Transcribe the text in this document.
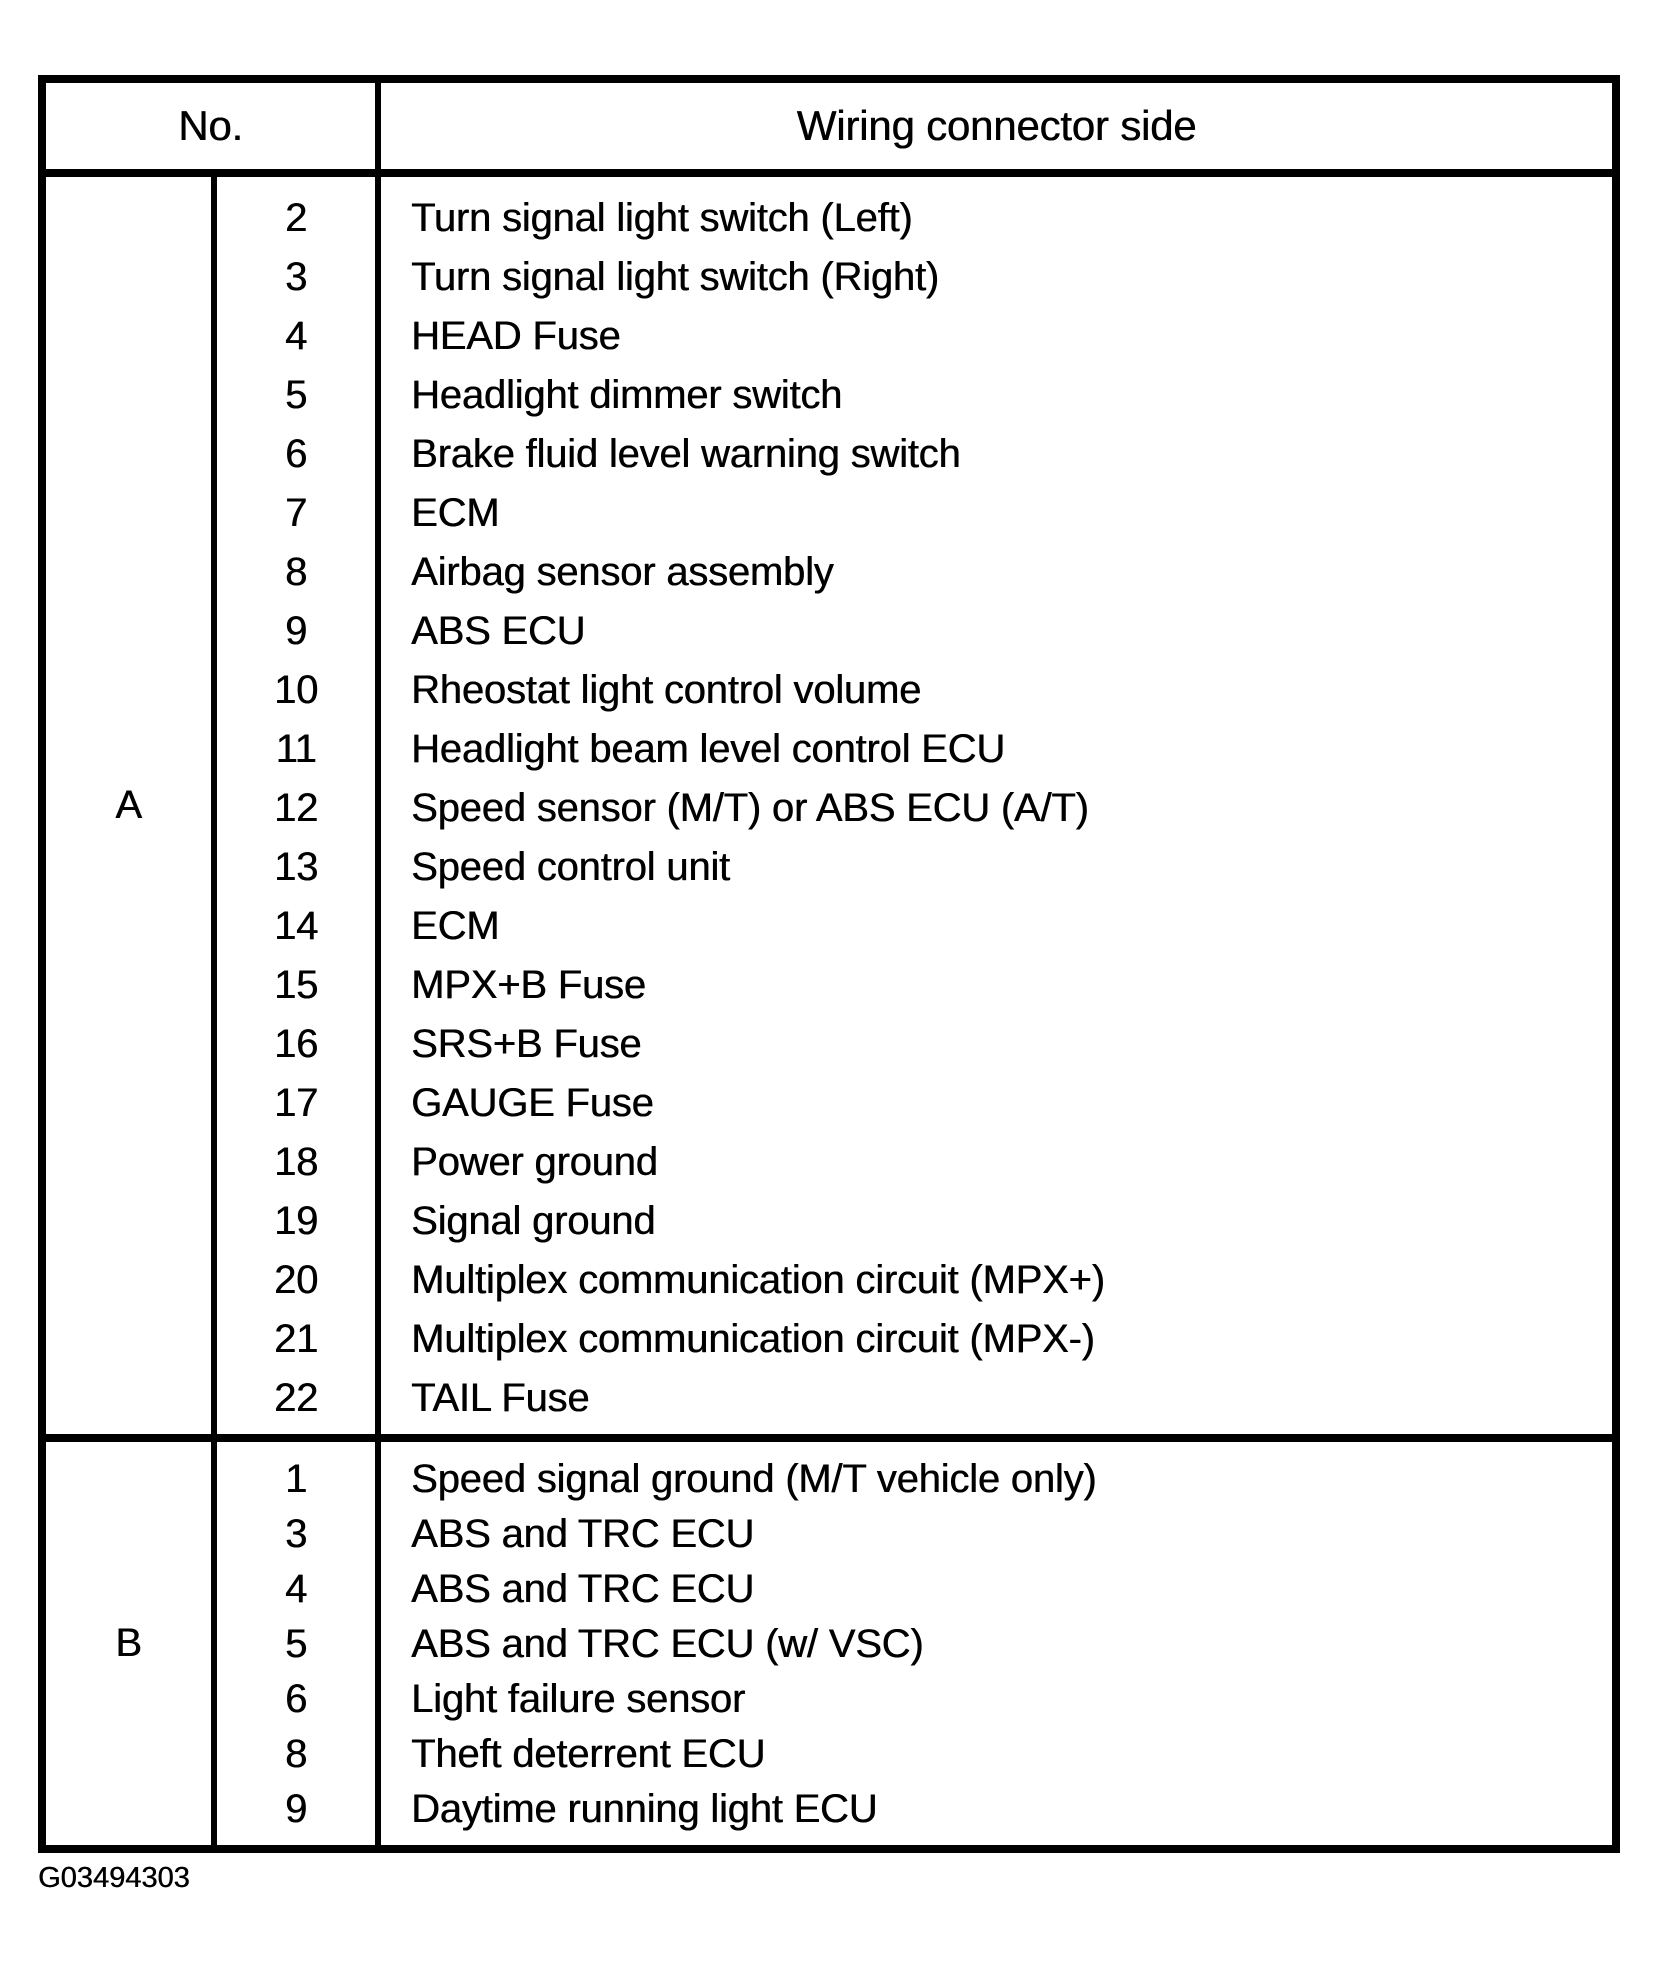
No.	Wiring connector side
A
2	Turn signal light switch (Left)
3	Turn signal light switch (Right)
4	HEAD Fuse
5	Headlight dimmer switch
6	Brake fluid level warning switch
7	ECM
8	Airbag sensor assembly
9	ABS ECU
10	Rheostat light control volume
11	Headlight beam level control ECU
12	Speed sensor (M/T) or ABS ECU (A/T)
13	Speed control unit
14	ECM
15	MPX+B Fuse
16	SRS+B Fuse
17	GAUGE Fuse
18	Power ground
19	Signal ground
20	Multiplex communication circuit (MPX+)
21	Multiplex communication circuit (MPX-)
22	TAIL Fuse
B
1	Speed signal ground (M/T vehicle only)
3	ABS and TRC ECU
4	ABS and TRC ECU
5	ABS and TRC ECU (w/ VSC)
6	Light failure sensor
8	Theft deterrent ECU
9	Daytime running light ECU
G03494303
